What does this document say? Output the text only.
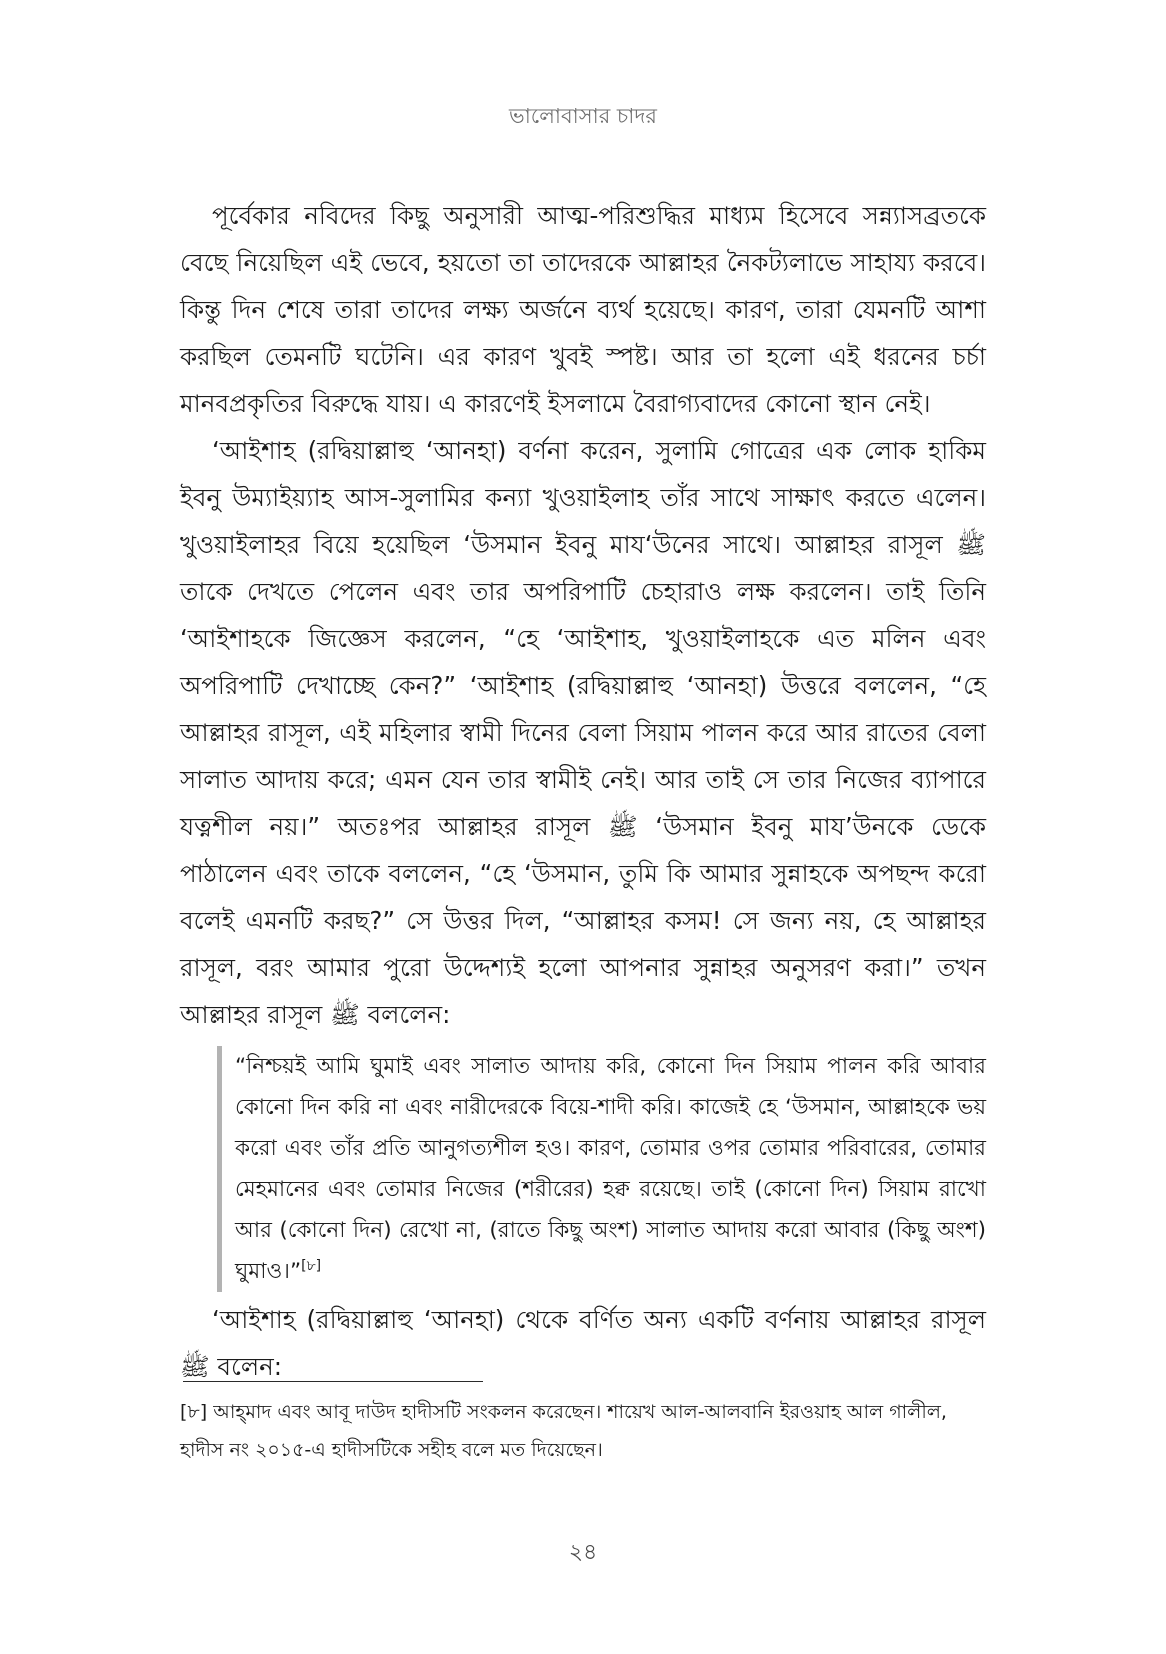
ভালোবাসার চাদর

পূর্বেকার নবিদের কিছু অনুসারী আত্ম-পরিশুদ্ধির মাধ্যম হিসেবে সন্ন্যাসব্রতকে বেছে নিয়েছিল এই ভেবে, হয়তো তা তাদেরকে আল্লাহর নৈকট্যলাভে সাহায্য করবে। কিন্তু দিন শেষে তারা তাদের লক্ষ্য অর্জনে ব্যর্থ হয়েছে। কারণ, তারা যেমনটি আশা করছিল তেমনটি ঘটেনি। এর কারণ খুবই স্পষ্ট। আর তা হলো এই ধরনের চর্চা মানবপ্রকৃতির বিরুদ্ধে যায়। এ কারণেই ইসলামে বৈরাগ্যবাদের কোনো স্থান নেই।

‘আইশাহ (রদ্বিয়াল্লাহু ‘আনহা) বর্ণনা করেন, সুলামি গোত্রের এক লোক হাকিম ইবনু উম্যাইয়্যাহ আস-সুলামির কন্যা খুওয়াইলাহ তাঁর সাথে সাক্ষাৎ করতে এলেন। খুওয়াইলাহর বিয়ে হয়েছিল ‘উসমান ইবনু মায‘উনের সাথে। আল্লাহর রাসূল ﷺ তাকে দেখতে পেলেন এবং তার অপরিপাটি চেহারাও লক্ষ করলেন। তাই তিনি ‘আইশাহকে জিজ্ঞেস করলেন, “হে ‘আইশাহ, খুওয়াইলাহকে এত মলিন এবং অপরিপাটি দেখাচ্ছে কেন?” ‘আইশাহ (রদ্বিয়াল্লাহু ‘আনহা) উত্তরে বললেন, “হে আল্লাহর রাসূল, এই মহিলার স্বামী দিনের বেলা সিয়াম পালন করে আর রাতের বেলা সালাত আদায় করে; এমন যেন তার স্বামীই নেই। আর তাই সে তার নিজের ব্যাপারে যত্নশীল নয়।” অতঃপর আল্লাহর রাসূল ﷺ ‘উসমান ইবনু মায’উনকে ডেকে পাঠালেন এবং তাকে বললেন, “হে ‘উসমান, তুমি কি আমার সুন্নাহকে অপছন্দ করো বলেই এমনটি করছ?” সে উত্তর দিল, “আল্লাহর কসম! সে জন্য নয়, হে আল্লাহর রাসূল, বরং আমার পুরো উদ্দেশ্যই হলো আপনার সুন্নাহর অনুসরণ করা।” তখন আল্লাহর রাসূল ﷺ বললেন:

“নিশ্চয়ই আমি ঘুমাই এবং সালাত আদায় করি, কোনো দিন সিয়াম পালন করি আবার কোনো দিন করি না এবং নারীদেরকে বিয়ে-শাদী করি। কাজেই হে ‘উসমান, আল্লাহকে ভয় করো এবং তাঁর প্রতি আনুগত্যশীল হও। কারণ, তোমার ওপর তোমার পরিবারের, তোমার মেহমানের এবং তোমার নিজের (শরীরের) হক্ব রয়েছে। তাই (কোনো দিন) সিয়াম রাখো আর (কোনো দিন) রেখো না, (রাতে কিছু অংশ) সালাত আদায় করো আবার (কিছু অংশ) ঘুমাও।”[৮]

‘আইশাহ (রদ্বিয়াল্লাহু ‘আনহা) থেকে বর্ণিত অন্য একটি বর্ণনায় আল্লাহর রাসূল ﷺ বলেন:

[৮] আহ্‌মাদ এবং আবূ দাউদ হাদীসটি সংকলন করেছেন। শায়েখ আল-আলবানি ইরওয়াহ আল গালীল, হাদীস নং ২০১৫-এ হাদীসটিকে সহীহ বলে মত দিয়েছেন।

২৪
